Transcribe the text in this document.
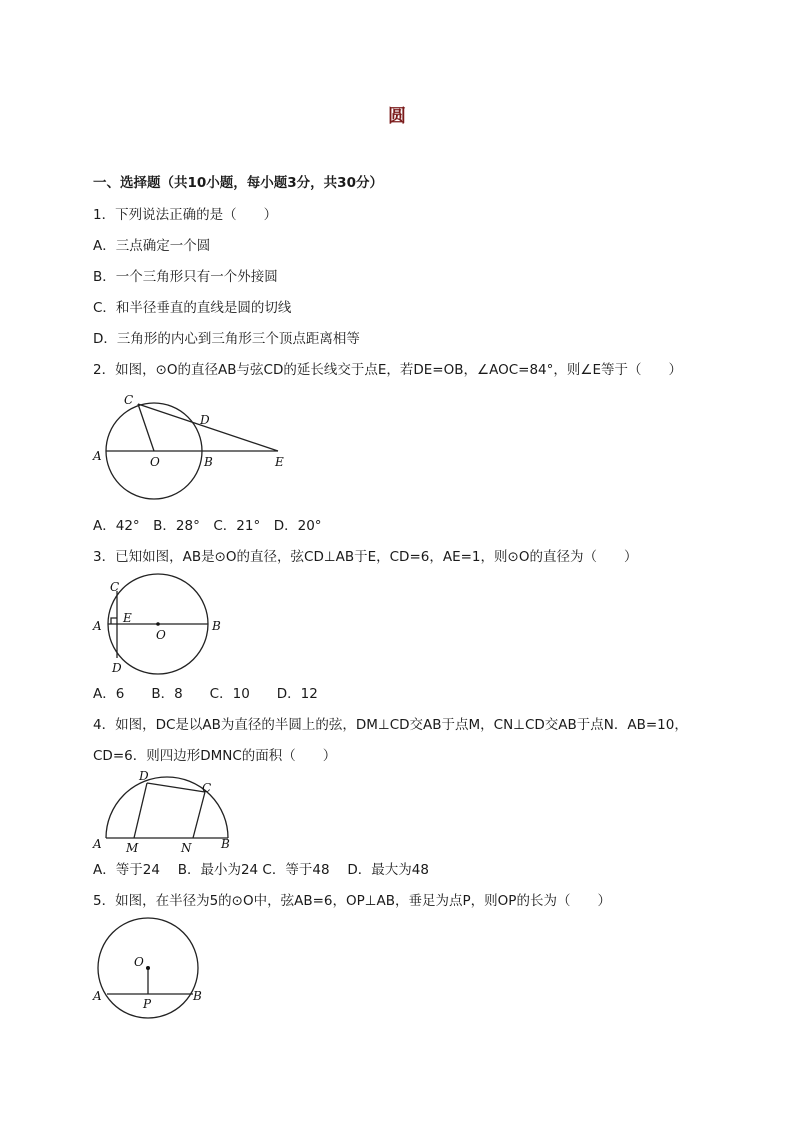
圆
一、选择题（共10小题，每小题3分，共30分）
1．下列说法正确的是（　　）
A．三点确定一个圆
B．一个三角形只有一个外接圆
C．和半径垂直的直线是圆的切线
D．三角形的内心到三角形三个顶点距离相等
2．如图，⊙O的直径AB与弦CD的延长线交于点E，若DE=OB，∠AOC=84°，则∠E等于（　　）
C
D
A	O	B	E
A．42°　B．28°　C．21°　D．20°
3．已知如图，AB是⊙O的直径，弦CD⊥AB于E，CD=6，AE=1，则⊙O的直径为（　　）
C
E
A
O
B
D
A．6　　B．8　　C．10　　D．12
4．如图，DC是以AB为直径的半圆上的弦，DM⊥CD交AB于点M，CN⊥CD交AB于点N．AB=10，
CD=6．则四边形DMNC的面积（　　）
D
C
A M	N B
A．等于24　 B．最小为24 C．等于48　 D．最大为48
5．如图，在半径为5的⊙O中，弦AB=6，OP⊥AB，垂足为点P，则OP的长为（　　）
O
A
P
B
